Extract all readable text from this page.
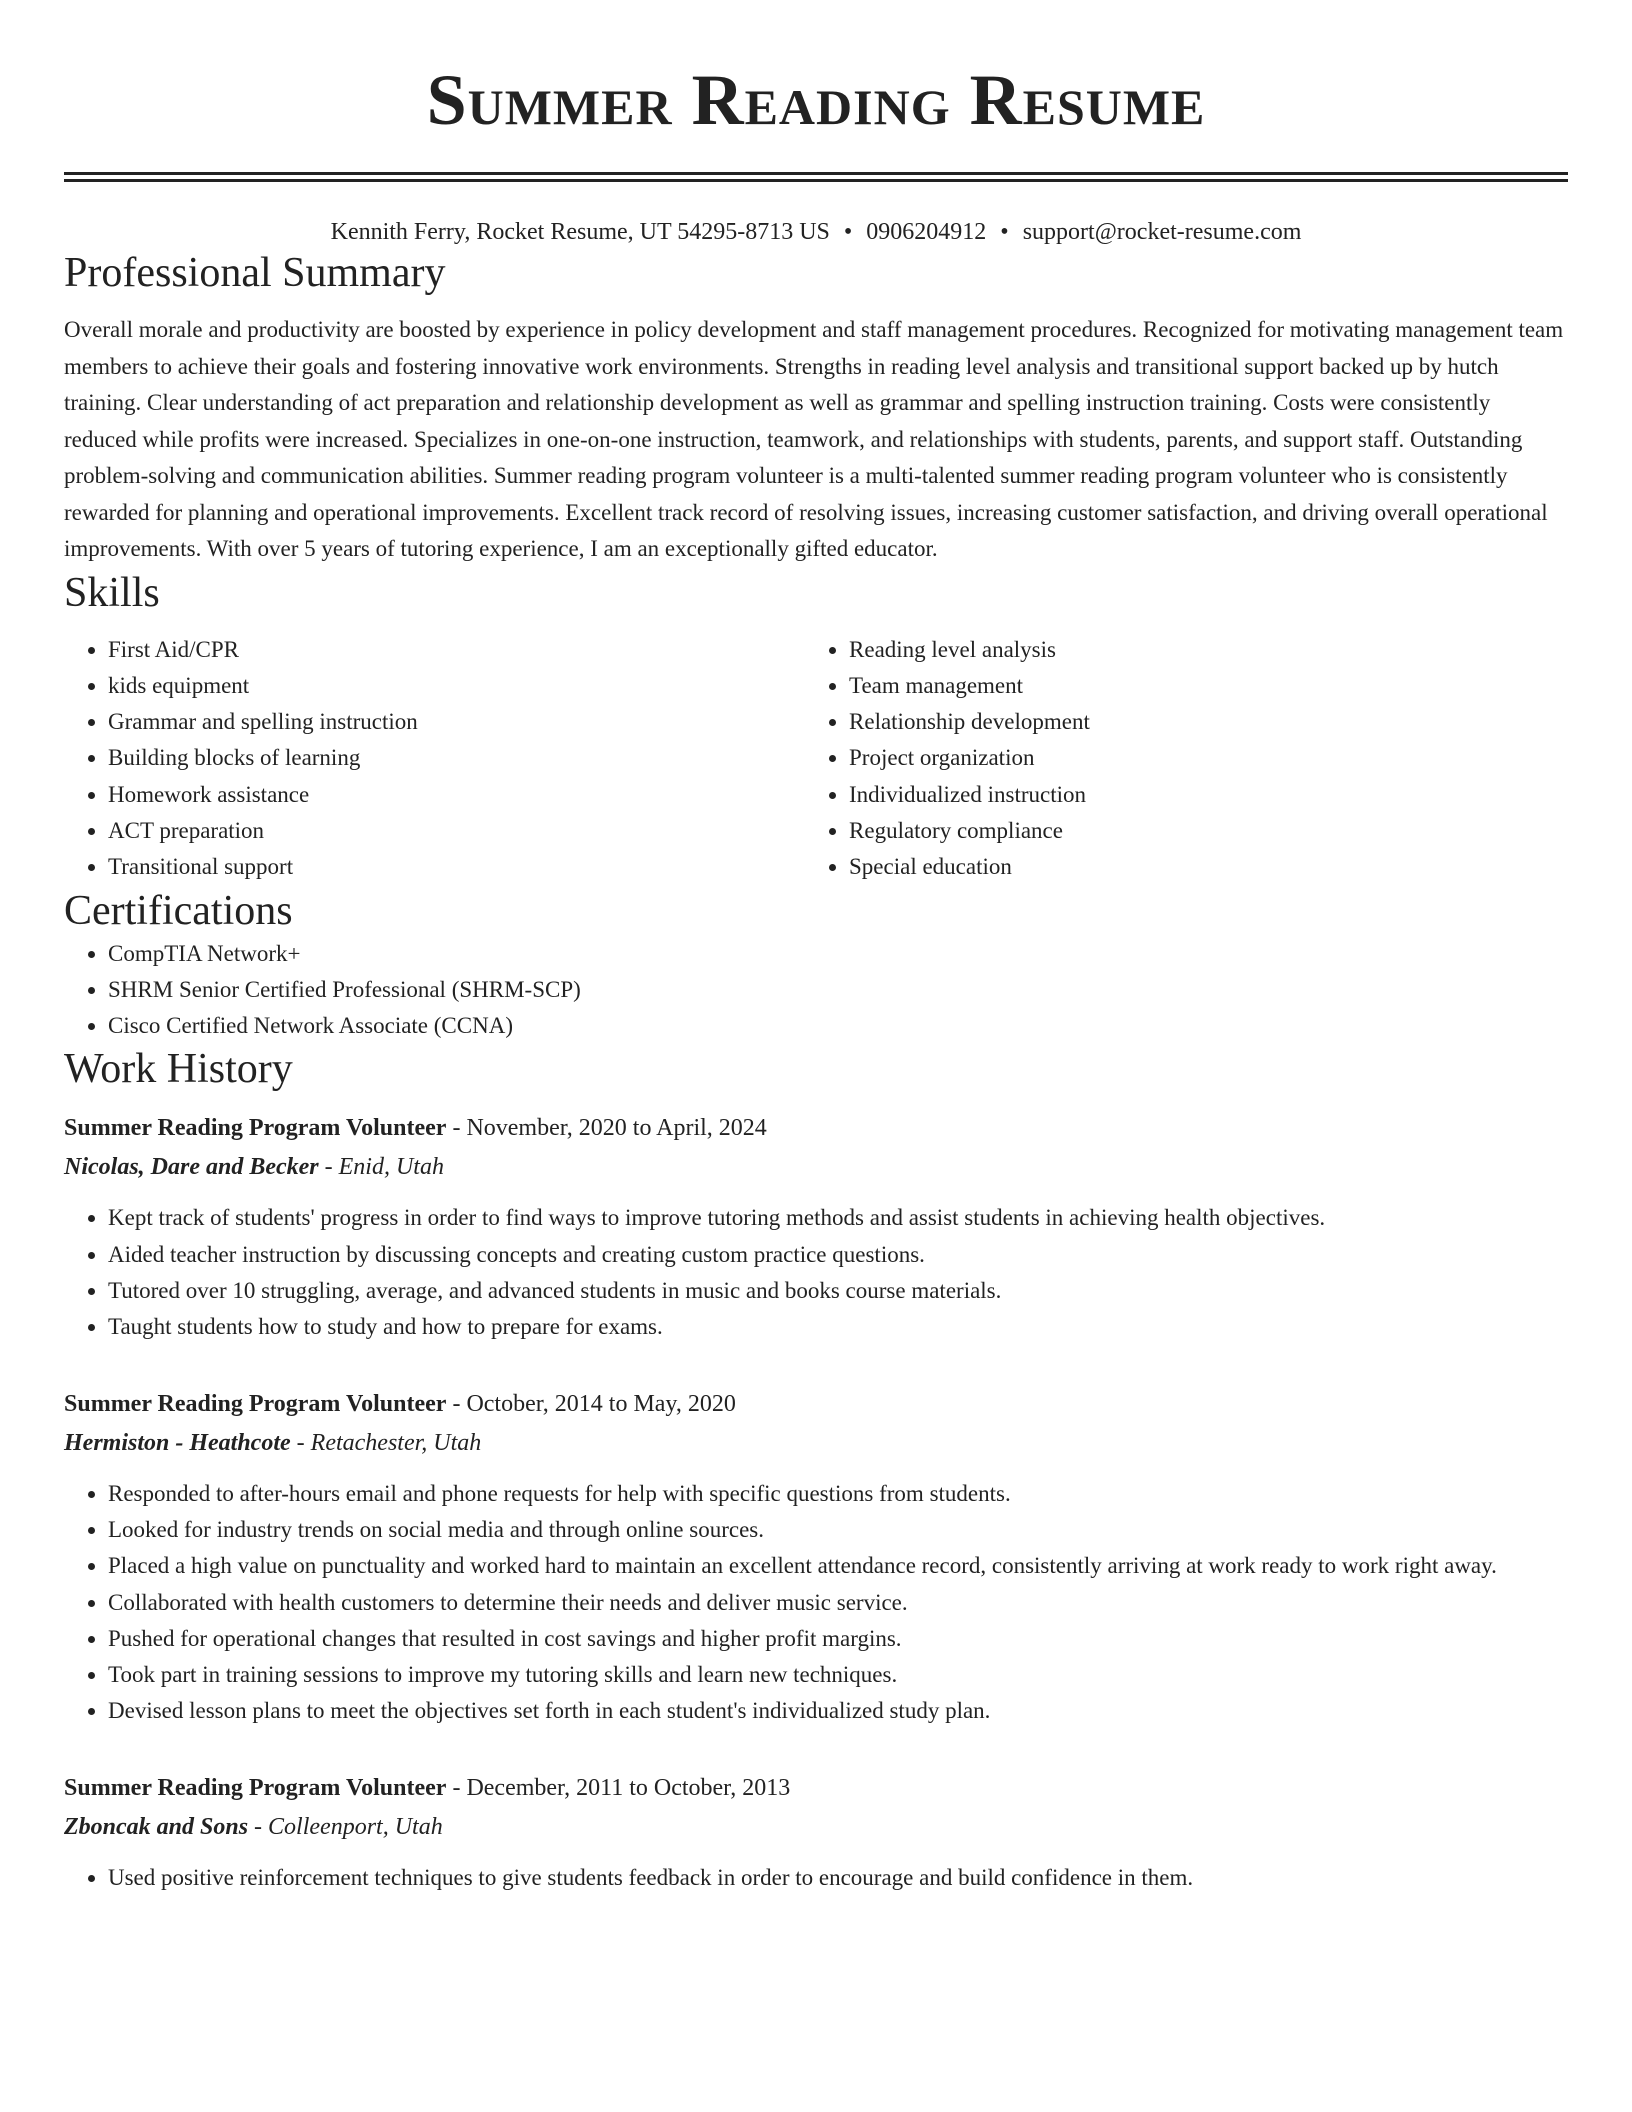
Summer Reading Resume
Kennith Ferry, Rocket Resume, UT 54295-8713 US • 0906204912 • support@rocket-resume.com
Professional Summary

Overall morale and productivity are boosted by experience in policy development and staff management procedures. Recognized for motivating management team members to achieve their goals and fostering innovative work environments. Strengths in reading level analysis and transitional support backed up by hutch training. Clear understanding of act preparation and relationship development as well as grammar and spelling instruction training. Costs were consistently reduced while profits were increased. Specializes in one-on-one instruction, teamwork, and relationships with students, parents, and support staff. Outstanding problem-solving and communication abilities. Summer reading program volunteer is a multi-talented summer reading program volunteer who is consistently rewarded for planning and operational improvements. Excellent track record of resolving issues, increasing customer satisfaction, and driving overall operational improvements. With over 5 years of tutoring experience, I am an exceptionally gifted educator.

Skills
• First Aid/CPR
• kids equipment
• Grammar and spelling instruction
• Building blocks of learning
• Homework assistance
• ACT preparation
• Transitional support
• Reading level analysis
• Team management
• Relationship development
• Project organization
• Individualized instruction
• Regulatory compliance
• Special education
Certifications
• CompTIA Network+
• SHRM Senior Certified Professional (SHRM-SCP)
• Cisco Certified Network Associate (CCNA)
Work History
Summer Reading Program Volunteer - November, 2020 to April, 2024
Nicolas, Dare and Becker - Enid, Utah
• Kept track of students' progress in order to find ways to improve tutoring methods and assist students in achieving health objectives.
• Aided teacher instruction by discussing concepts and creating custom practice questions.
• Tutored over 10 struggling, average, and advanced students in music and books course materials.
• Taught students how to study and how to prepare for exams.
Summer Reading Program Volunteer - October, 2014 to May, 2020
Hermiston - Heathcote - Retachester, Utah
• Responded to after-hours email and phone requests for help with specific questions from students.
• Looked for industry trends on social media and through online sources.
• Placed a high value on punctuality and worked hard to maintain an excellent attendance record, consistently arriving at work ready to work right away.
• Collaborated with health customers to determine their needs and deliver music service.
• Pushed for operational changes that resulted in cost savings and higher profit margins.
• Took part in training sessions to improve my tutoring skills and learn new techniques.
• Devised lesson plans to meet the objectives set forth in each student's individualized study plan.
Summer Reading Program Volunteer - December, 2011 to October, 2013
Zboncak and Sons - Colleenport, Utah
• Used positive reinforcement techniques to give students feedback in order to encourage and build confidence in them.
